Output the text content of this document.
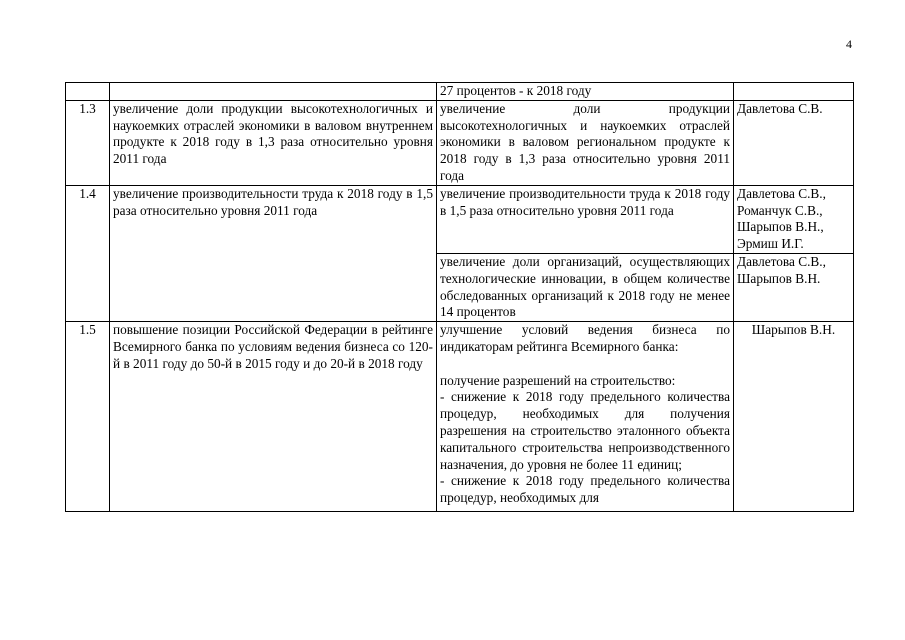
4
		27 процентов - к 2018 году	
1.3	увеличение доли продукции высокотехнологичных и наукоемких отраслей экономики в валовом внутреннем продукте к 2018 году в 1,3 раза относительно уровня 2011 года	увеличение доли продукции высокотехнологичных и наукоемких отраслей экономики в валовом региональном продукте к 2018 году в 1,3 раза относительно уровня 2011 года	Давлетова С.В.
1.4	увеличение производительности труда к 2018 году в 1,5 раза относительно уровня 2011 года	увеличение производительности труда к 2018 году в 1,5 раза относительно уровня 2011 года	Давлетова С.В.,
Романчук С.В.,
Шарыпов В.Н.,
Эрмиш И.Г.

		увеличение доли организаций, осуществляющих технологические инновации, в общем количестве обследованных организаций к 2018 году не менее 14 процентов	Давлетова С.В.,
Шарыпов В.Н.

1.5	повышение позиции Российской Федерации в рейтинге Всемирного банка по условиям ведения бизнеса со 120-й в 2011 году до 50-й в 2015 году и до 20-й в 2018 году	улучшение условий ведения бизнеса по индикаторам рейтинга Всемирного банка:
получение разрешений на строительство:
- снижение к 2018 году предельного количества процедур, необходимых для получения разрешения на строительство эталонного объекта капитального строительства непроизводственного назначения, до уровня не более 11 единиц;
- снижение к 2018 году предельного количества процедур, необходимых для	Шарыпов В.Н.
